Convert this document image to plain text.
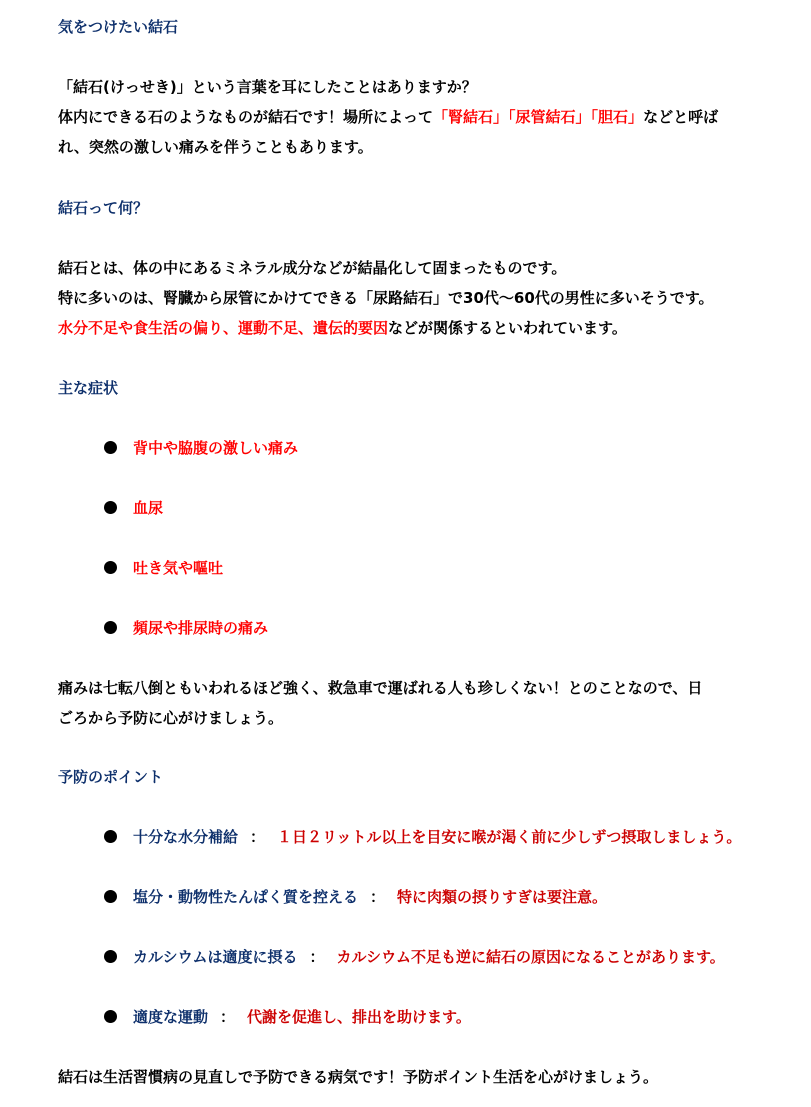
気をつけたい結石
「結石(けっせき)」という言葉を耳にしたことはありますか？
体内にできる石のようなものが結石です！場所によって「腎結石」「尿管結石」「胆石」などと呼ば
れ、突然の激しい痛みを伴うこともあります。
結石って何？
結石とは、体の中にあるミネラル成分などが結晶化して固まったものです。
特に多いのは、腎臓から尿管にかけてできる「尿路結石」で30代～60代の男性に多いそうです。
水分不足や食生活の偏り、運動不足、遺伝的要因などが関係するといわれています。
主な症状
背中や脇腹の激しい痛み
血尿
吐き気や嘔吐
頻尿や排尿時の痛み
痛みは七転八倒ともいわれるほど強く、救急車で運ばれる人も珍しくない！とのことなので、日
ごろから予防に心がけましょう。
予防のポイント
十分な水分補給 ： １日２リットル以上を目安に喉が渇く前に少しずつ摂取しましょう。
塩分・動物性たんぱく質を控える ： 特に肉類の摂りすぎは要注意。
カルシウムは適度に摂る ： カルシウム不足も逆に結石の原因になることがあります。
適度な運動 ： 代謝を促進し、排出を助けます。
結石は生活習慣病の見直しで予防できる病気です！予防ポイント生活を心がけましょう。
